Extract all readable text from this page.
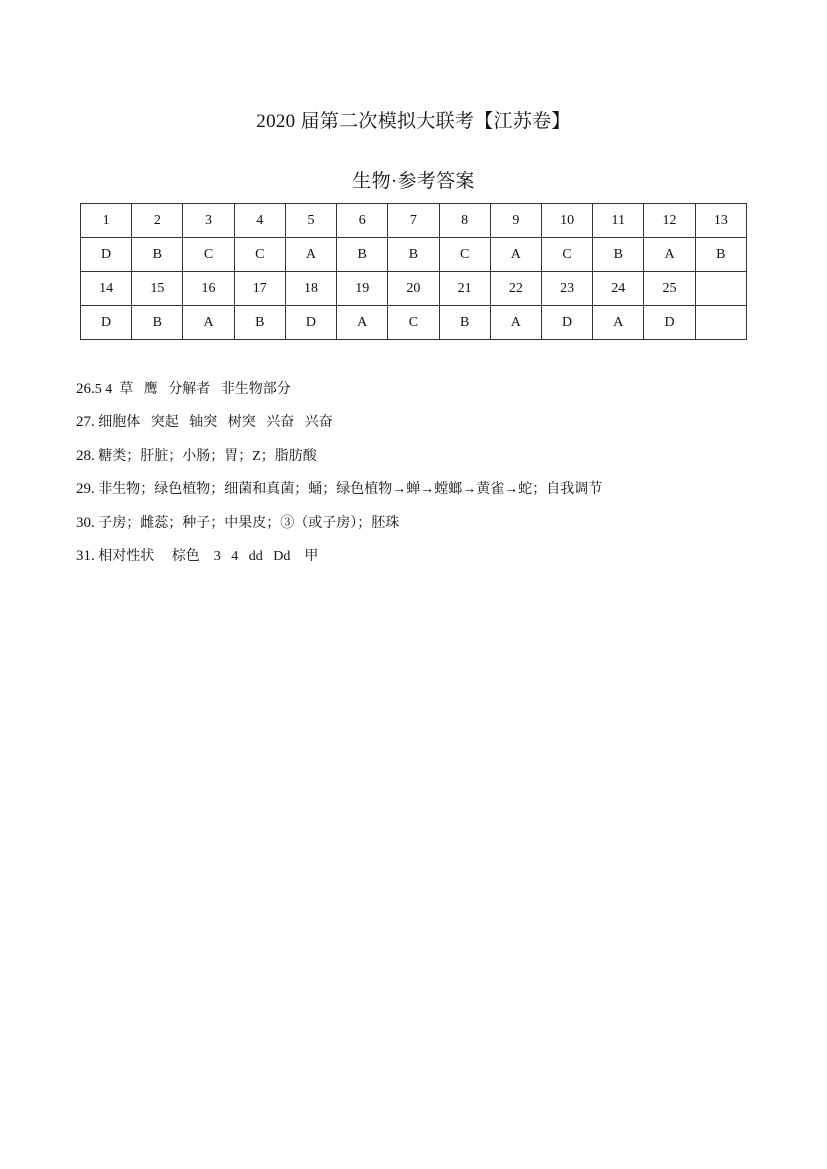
2020 届第二次模拟大联考【江苏卷】
生物·参考答案
1	2	3	4	5	6	7	8	9	10	11	12	13
D	B	C	C	A	B	B	C	A	C	B	A	B
14	15	16	17	18	19	20	21	22	23	24	25	
D	B	A	B	D	A	C	B	A	D	A	D	
26.5 4  草   鹰   分解者   非生物部分
27. 细胞体   突起   轴突   树突   兴奋   兴奋
28. 糖类；肝脏；小肠；胃；Z；脂肪酸
29. 非生物；绿色植物；细菌和真菌；蛹；绿色植物→蝉→螳螂→黄雀→蛇；自我调节
30. 子房；雌蕊；种子；中果皮；③（或子房）；胚珠
31. 相对性状     棕色    3   4   dd   Dd    甲
